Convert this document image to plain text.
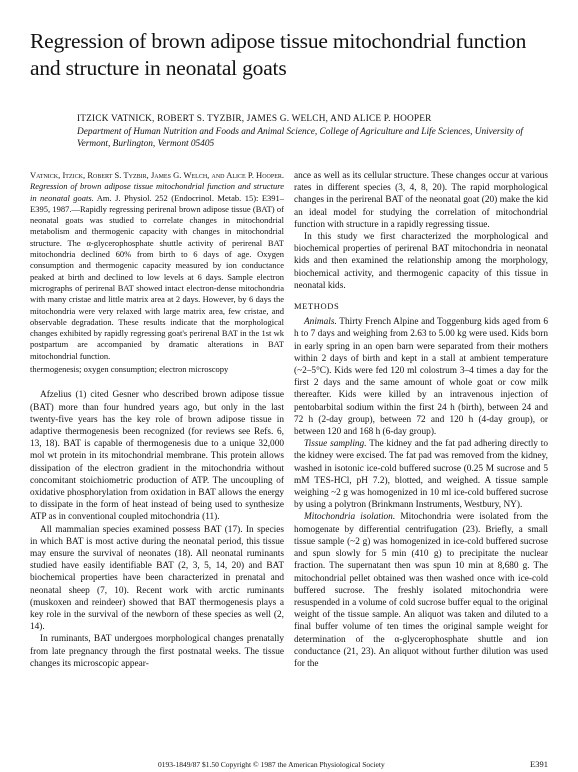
Regression of brown adipose tissue mitochondrial function and structure in neonatal goats
ITZICK VATNICK, ROBERT S. TYZBIR, JAMES G. WELCH, AND ALICE P. HOOPER
Department of Human Nutrition and Foods and Animal Science, College of Agriculture and Life Sciences, University of Vermont, Burlington, Vermont 05405

Vatnick, Itzick, Robert S. Tyzbir, James G. Welch, and Alice P. Hooper. Regression of brown adipose tissue mitochondrial function and structure in neonatal goats. Am. J. Physiol. 252 (Endocrinol. Metab. 15): E391–E395, 1987.—Rapidly regressing perirenal brown adipose tissue (BAT) of neonatal goats was studied to correlate changes in mitochondrial metabolism and thermogenic capacity with changes in mitochondrial structure. The α-glycerophosphate shuttle activity of perirenal BAT mitochondria declined 60% from birth to 6 days of age. Oxygen consumption and thermogenic capacity measured by ion conductance peaked at birth and declined to low levels at 6 days. Sample electron micrographs of perirenal BAT showed intact electron-dense mitochondria with many cristae and little matrix area at 2 days. However, by 6 days the mitochondria were very relaxed with large matrix area, few cristae, and observable degradation. These results indicate that the morphological changes exhibited by rapidly regressing goat's perirenal BAT in the 1st wk postpartum are accompanied by dramatic alterations in BAT mitochondrial function.

thermogenesis; oxygen consumption; electron microscopy

Afzelius (1) cited Gesner who described brown adipose tissue (BAT) more than four hundred years ago, but only in the last twenty-five years has the key role of brown adipose tissue in adaptive thermogenesis been recognized (for reviews see Refs. 6, 13, 18). BAT is capable of thermogenesis due to a unique 32,000 mol wt protein in its mitochondrial membrane. This protein allows dissipation of the electron gradient in the mitochondria without concomitant stoichiometric production of ATP. The uncoupling of oxidative phosphorylation from oxidation in BAT allows the energy to dissipate in the form of heat instead of being used to synthesize ATP as in conventional coupled mitochondria (11).

All mammalian species examined possess BAT (17). In species in which BAT is most active during the neonatal period, this tissue may ensure the survival of neonates (18). All neonatal ruminants studied have easily identifiable BAT (2, 3, 5, 14, 20) and BAT biochemical properties have been characterized in prenatal and neonatal sheep (7, 10). Recent work with arctic ruminants (muskoxen and reindeer) showed that BAT thermogenesis plays a key role in the survival of the newborn of these species as well (2, 14).

In ruminants, BAT undergoes morphological changes prenatally from late pregnancy through the first postnatal weeks. The tissue changes its microscopic appear-

ance as well as its cellular structure. These changes occur at various rates in different species (3, 4, 8, 20). The rapid morphological changes in the perirenal BAT of the neonatal goat (20) make the kid an ideal model for studying the correlation of mitochondrial function with structure in a rapidly regressing tissue.

In this study we first characterized the morphological and biochemical properties of perirenal BAT mitochondria in neonatal kids and then examined the relationship among the morphology, biochemical activity, and thermogenic capacity of this tissue in neonatal kids.

METHODS

Animals. Thirty French Alpine and Toggenburg kids aged from 6 h to 7 days and weighing from 2.63 to 5.00 kg were used. Kids born in early spring in an open barn were separated from their mothers within 2 days of birth and kept in a stall at ambient temperature (~2–5°C). Kids were fed 120 ml colostrum 3–4 times a day for the first 2 days and the same amount of whole goat or cow milk thereafter. Kids were killed by an intravenous injection of pentobarbital sodium within the first 24 h (birth), between 24 and 72 h (2-day group), between 72 and 120 h (4-day group), or between 120 and 168 h (6-day group).

Tissue sampling. The kidney and the fat pad adhering directly to the kidney were excised. The fat pad was removed from the kidney, washed in isotonic ice-cold buffered sucrose (0.25 M sucrose and 5 mM TES-HCl, pH 7.2), blotted, and weighed. A tissue sample weighing ~2 g was homogenized in 10 ml ice-cold buffered sucrose by using a polytron (Brinkmann Instruments, Westbury, NY).

Mitochondria isolation. Mitochondria were isolated from the homogenate by differential centrifugation (23). Briefly, a small tissue sample (~2 g) was homogenized in ice-cold buffered sucrose and spun slowly for 5 min (410 g) to precipitate the nuclear fraction. The supernatant then was spun 10 min at 8,680 g. The mitochondrial pellet obtained was then washed once with ice-cold buffered sucrose. The freshly isolated mitochondria were resuspended in a volume of cold sucrose buffer equal to the original weight of the tissue sample. An aliquot was taken and diluted to a final buffer volume of ten times the original sample weight for determination of the α-glycerophosphate shuttle and ion conductance (21, 23). An aliquot without further dilution was used for the

0193-1849/87 $1.50 Copyright © 1987 the American Physiological Society	E391
